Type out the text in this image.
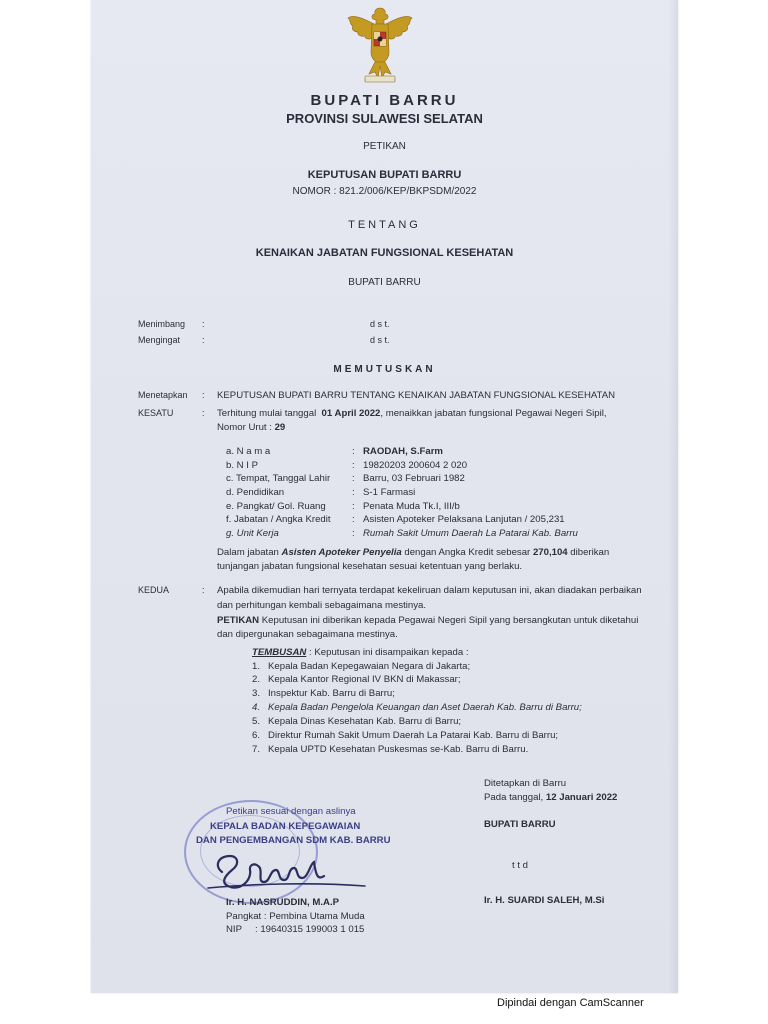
BUPATI BARRU
PROVINSI SULAWESI SELATAN
PETIKAN
KEPUTUSAN BUPATI BARRU
NOMOR : 821.2/006/KEP/BKPSDM/2022
TENTANG
KENAIKAN JABATAN FUNGSIONAL KESEHATAN
BUPATI BARRU
Menimbang :	d s t.
Mengingat :	d s t.
MEMUTUSKAN
Menetapkan : KEPUTUSAN BUPATI BARRU TENTANG KENAIKAN JABATAN FUNGSIONAL KESEHATAN
KESATU	: Terhitung mulai tanggal 01 April 2022, menaikkan jabatan fungsional Pegawai Negeri Sipil,
Nomor Urut : 29
a. N a m a	: RAODAH, S.Farm
b. N I P	: 19820203 200604 2 020
c. Tempat, Tanggal Lahir : Barru, 03 Februari 1982
d. Pendidikan	: S-1 Farmasi
e. Pangkat/ Gol. Ruang	: Penata Muda Tk.I, III/b
f. Jabatan / Angka Kredit : Asisten Apoteker Pelaksana Lanjutan / 205,231
g. Unit Kerja	: Rumah Sakit Umum Daerah La Patarai Kab. Barru
Dalam jabatan Asisten Apoteker Penyelia dengan Angka Kredit sebesar 270,104 diberikan
tunjangan jabatan fungsional kesehatan sesuai ketentuan yang berlaku.
KEDUA	: Apabila dikemudian hari ternyata terdapat kekeliruan dalam keputusan ini, akan diadakan perbaikan
dan perhitungan kembali sebagaimana mestinya.
PETIKAN Keputusan ini diberikan kepada Pegawai Negeri Sipil yang bersangkutan untuk diketahui
dan dipergunakan sebagaimana mestinya.
TEMBUSAN : Keputusan ini disampaikan kepada :
1. Kepala Badan Kepegawaian Negara di Jakarta;
2. Kepala Kantor Regional IV BKN di Makassar;
3. Inspektur Kab. Barru di Barru;
4. Kepala Badan Pengelola Keuangan dan Aset Daerah Kab. Barru di Barru;
5. Kepala Dinas Kesehatan Kab. Barru di Barru;
6. Direktur Rumah Sakit Umum Daerah La Patarai Kab. Barru di Barru;
7. Kepala UPTD Kesehatan Puskesmas se-Kab. Barru di Barru.
Ditetapkan di Barru
Pada tanggal, 12 Januari 2022
BUPATI BARRU
t t d
Ir. H. SUARDI SALEH, M.Si
Petikan sesuai dengan aslinya
KEPALA BADAN KEPEGAWAIAN
DAN PENGEMBANGAN SDM KAB. BARRU
Ir. H. NASRUDDIN, M.A.P
Pangkat : Pembina Utama Muda
NIP : 19640315 199003 1 015
Dipindai dengan CamScanner
